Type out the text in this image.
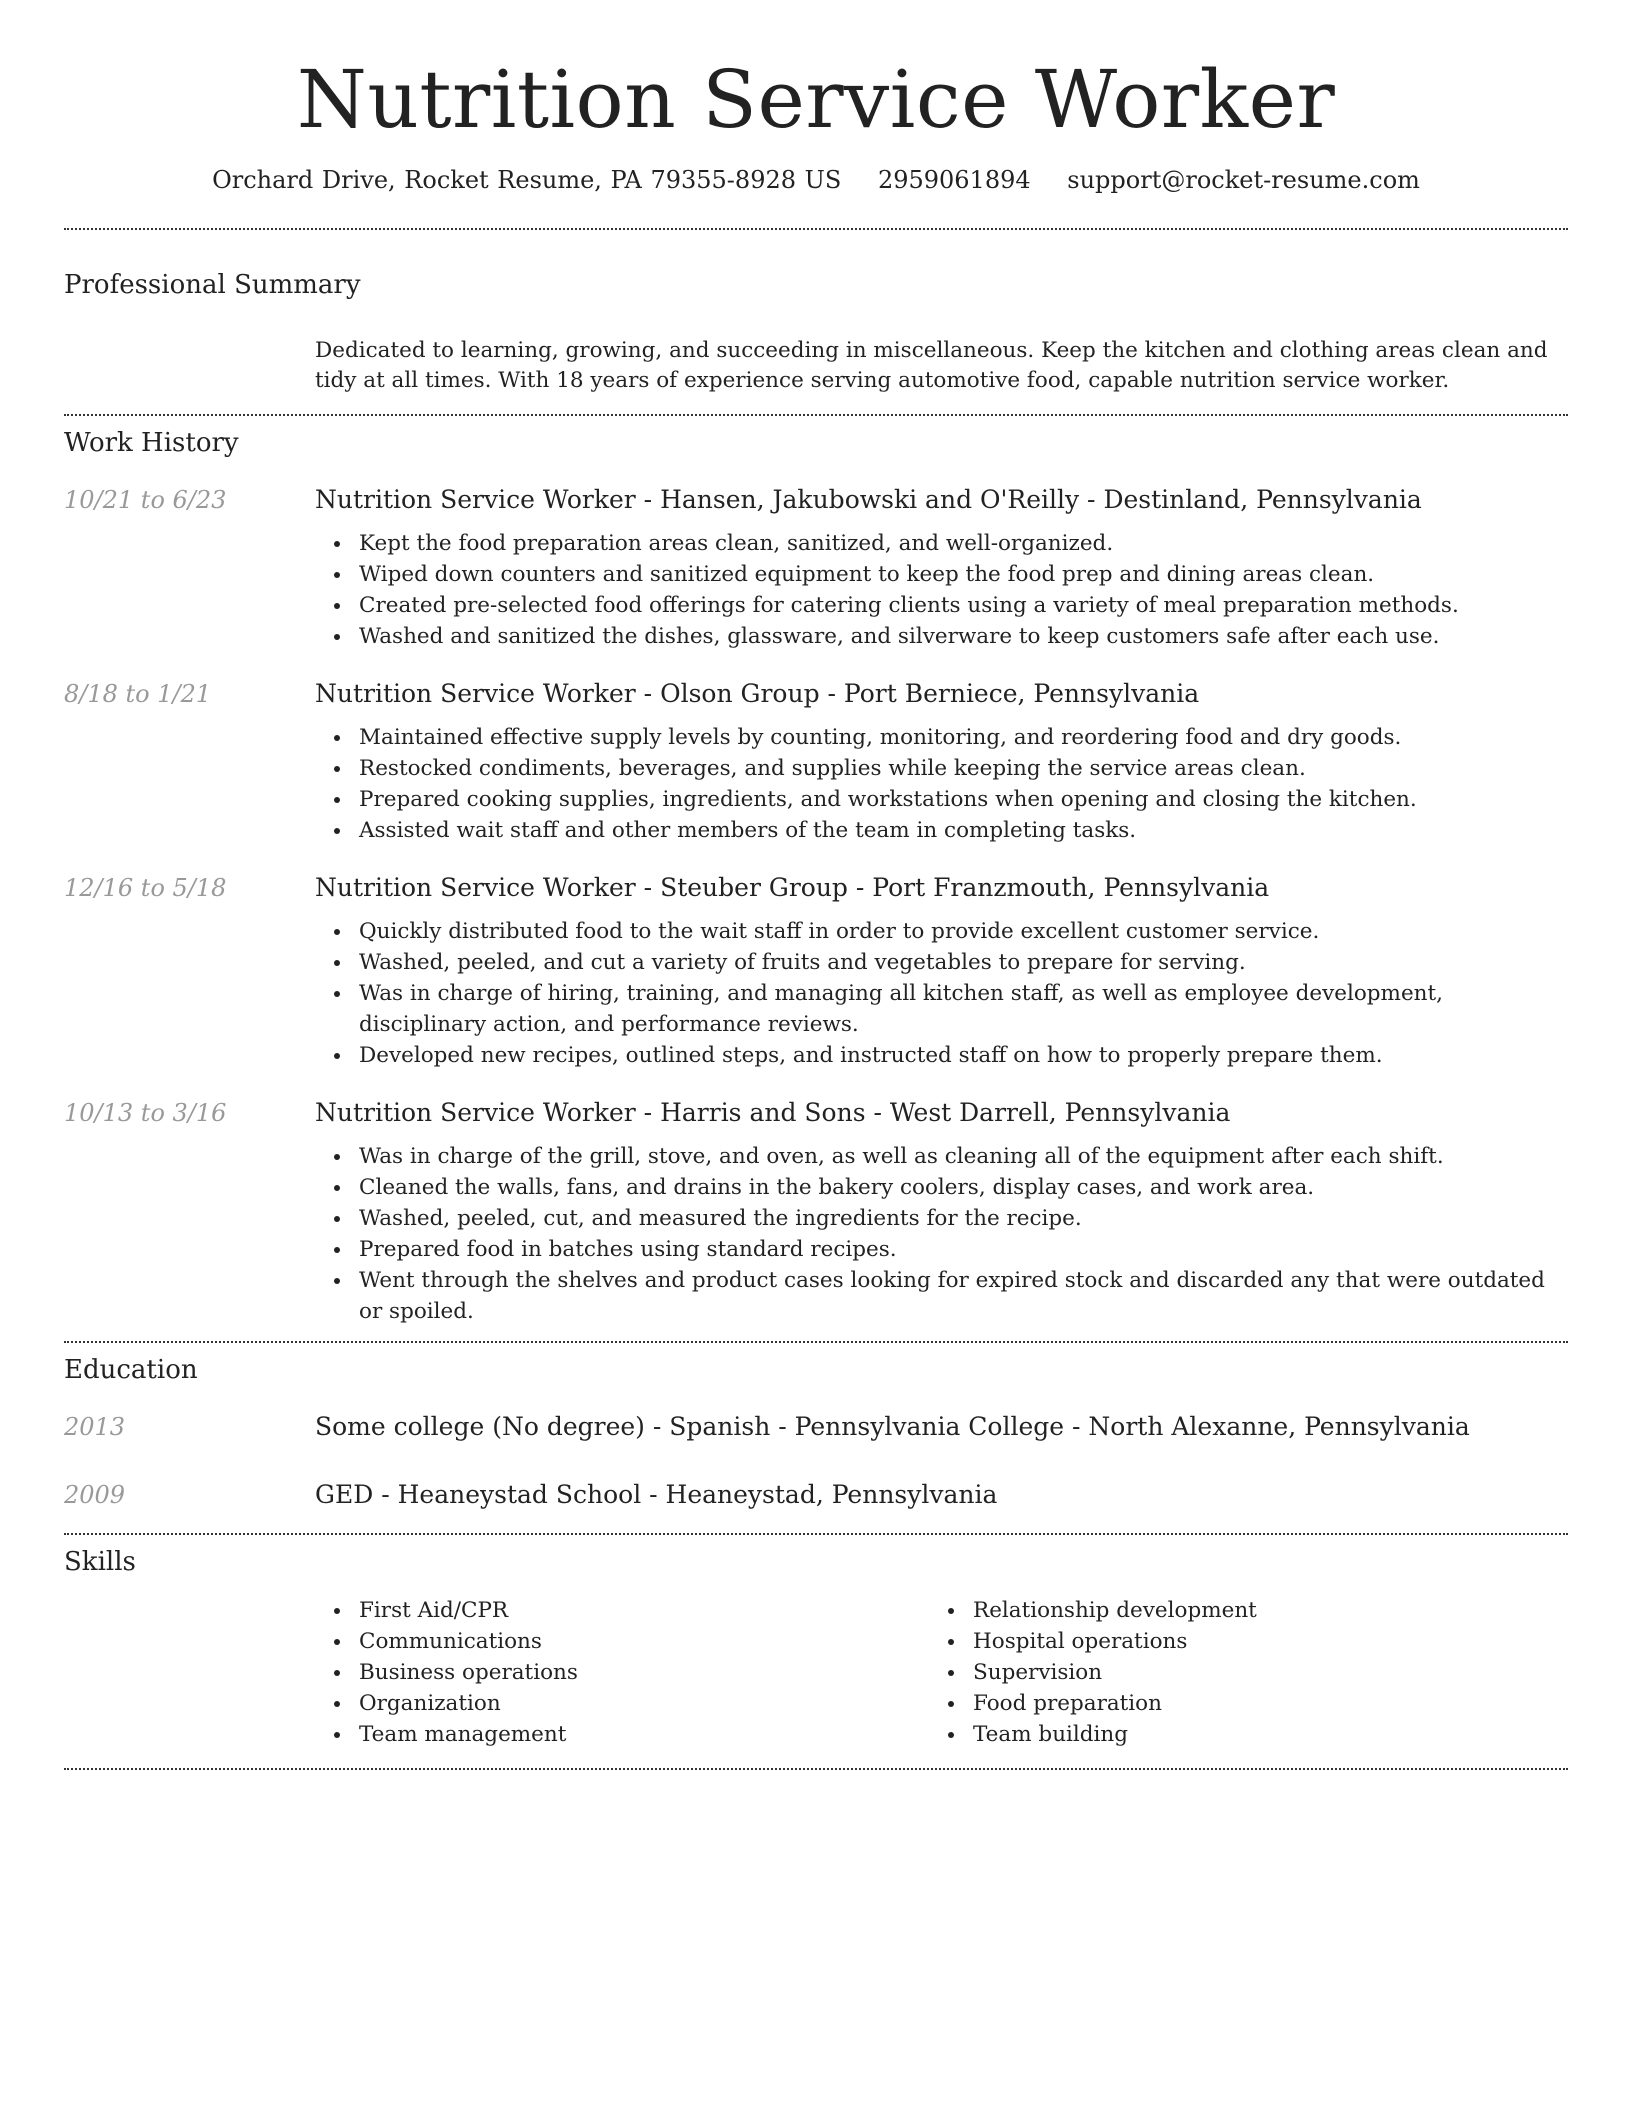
Nutrition Service Worker
Orchard Drive, Rocket Resume, PA 79355-8928 US 2959061894 support@rocket-resume.com
Professional Summary

Dedicated to learning, growing, and succeeding in miscellaneous. Keep the kitchen and clothing areas clean and tidy at all times. With 18 years of experience serving automotive food, capable nutrition service worker.

Work History
10/21 to 6/23	Nutrition Service Worker - Hansen, Jakubowski and O'Reilly - Destinland, Pennsylvania
Kept the food preparation areas clean, sanitized, and well-organized.
Wiped down counters and sanitized equipment to keep the food prep and dining areas clean.
Created pre-selected food offerings for catering clients using a variety of meal preparation methods.
Washed and sanitized the dishes, glassware, and silverware to keep customers safe after each use.
8/18 to 1/21	Nutrition Service Worker - Olson Group - Port Berniece, Pennsylvania
Maintained effective supply levels by counting, monitoring, and reordering food and dry goods.
Restocked condiments, beverages, and supplies while keeping the service areas clean.
Prepared cooking supplies, ingredients, and workstations when opening and closing the kitchen.
Assisted wait staff and other members of the team in completing tasks.
12/16 to 5/18	Nutrition Service Worker - Steuber Group - Port Franzmouth, Pennsylvania
Quickly distributed food to the wait staff in order to provide excellent customer service.
Washed, peeled, and cut a variety of fruits and vegetables to prepare for serving.
Was in charge of hiring, training, and managing all kitchen staff, as well as employee development, disciplinary action, and performance reviews.
Developed new recipes, outlined steps, and instructed staff on how to properly prepare them.
10/13 to 3/16	Nutrition Service Worker - Harris and Sons - West Darrell, Pennsylvania
Was in charge of the grill, stove, and oven, as well as cleaning all of the equipment after each shift.
Cleaned the walls, fans, and drains in the bakery coolers, display cases, and work area.
Washed, peeled, cut, and measured the ingredients for the recipe.
Prepared food in batches using standard recipes.
Went through the shelves and product cases looking for expired stock and discarded any that were outdated or spoiled.
Education
2013	Some college (No degree) - Spanish - Pennsylvania College - North Alexanne, Pennsylvania
2009	GED - Heaneystad School - Heaneystad, Pennsylvania
Skills
First Aid/CPR
Communications
Business operations
Organization
Team management
Relationship development
Hospital operations
Supervision
Food preparation
Team building
